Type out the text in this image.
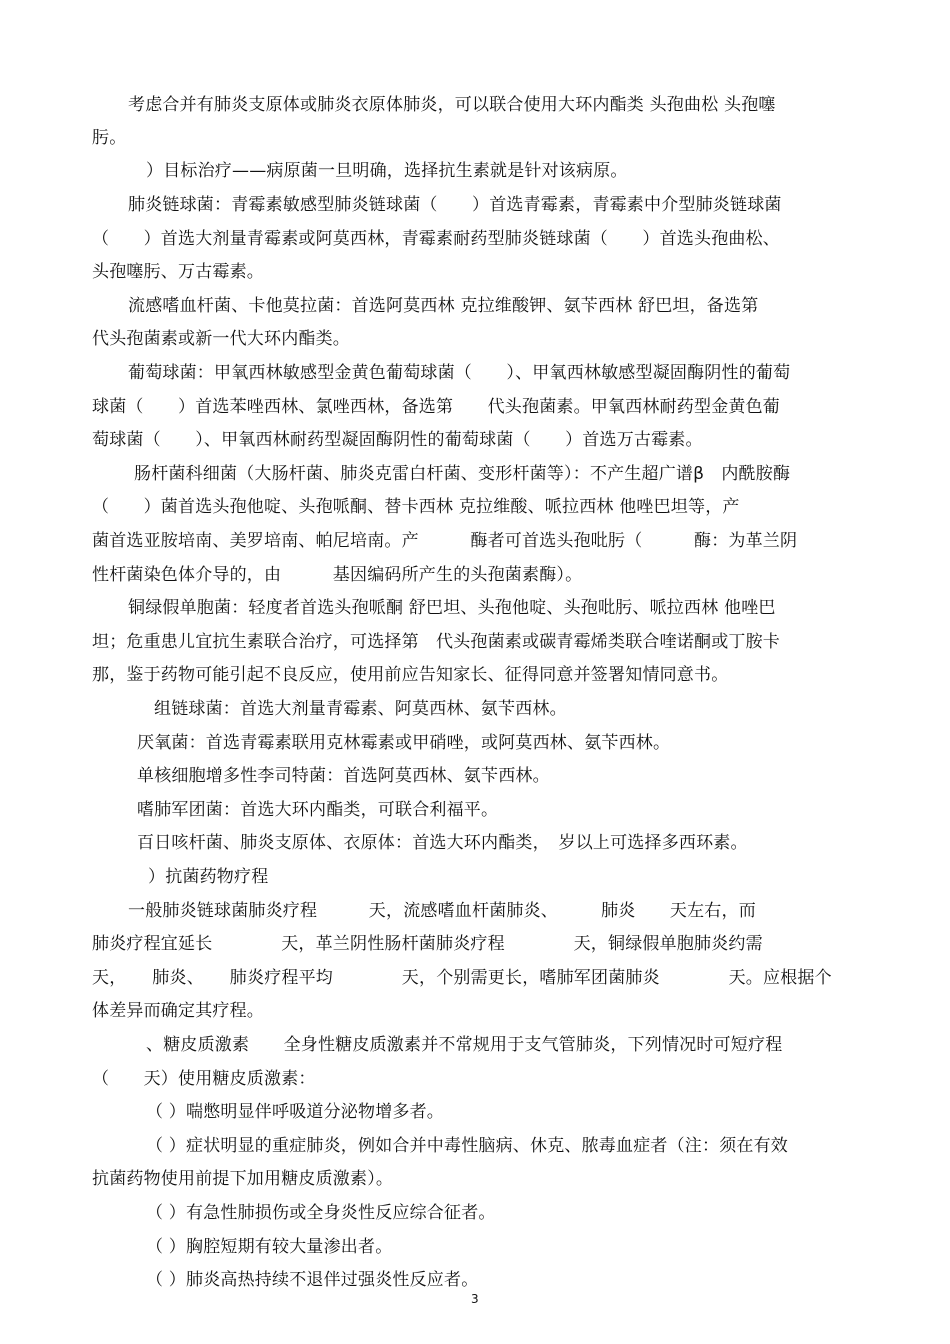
考虑合并有肺炎支原体或肺炎衣原体肺炎，可以联合使用大环内酯类 头孢曲松 头孢噻
肟。
）目标治疗——病原菌一旦明确，选择抗生素就是针对该病原。
肺炎链球菌：青霉素敏感型肺炎链球菌（　　）首选青霉素，青霉素中介型肺炎链球菌
（　　）首选大剂量青霉素或阿莫西林，青霉素耐药型肺炎链球菌（　　）首选头孢曲松、
头孢噻肟、万古霉素。
流感嗜血杆菌、卡他莫拉菌：首选阿莫西林 克拉维酸钾、氨苄西林 舒巴坦，备选第
代头孢菌素或新一代大环内酯类。
葡萄球菌：甲氧西林敏感型金黄色葡萄球菌（　　）、甲氧西林敏感型凝固酶阴性的葡萄
球菌（　　）首选苯唑西林、氯唑西林，备选第　　代头孢菌素。甲氧西林耐药型金黄色葡
萄球菌（　　）、甲氧西林耐药型凝固酶阴性的葡萄球菌（　　）首选万古霉素。
肠杆菌科细菌（大肠杆菌、肺炎克雷白杆菌、变形杆菌等）：不产生超广谱β　内酰胺酶
（　　）菌首选头孢他啶、头孢哌酮、替卡西林 克拉维酸、哌拉西林 他唑巴坦等，产
菌首选亚胺培南、美罗培南、帕尼培南。产　　　酶者可首选头孢吡肟（　　　酶：为革兰阴
性杆菌染色体介导的，由　　　基因编码所产生的头孢菌素酶）。
铜绿假单胞菌：轻度者首选头孢哌酮 舒巴坦、头孢他啶、头孢吡肟、哌拉西林 他唑巴
坦；危重患儿宜抗生素联合治疗，可选择第　代头孢菌素或碳青霉烯类联合喹诺酮或丁胺卡
那，鉴于药物可能引起不良反应，使用前应告知家长、征得同意并签署知情同意书。
组链球菌：首选大剂量青霉素、阿莫西林、氨苄西林。
厌氧菌：首选青霉素联用克林霉素或甲硝唑，或阿莫西林、氨苄西林。
单核细胞增多性李司特菌：首选阿莫西林、氨苄西林。
嗜肺军团菌：首选大环内酯类，可联合利福平。
百日咳杆菌、肺炎支原体、衣原体：首选大环内酯类，　岁以上可选择多西环素。
）抗菌药物疗程
一般肺炎链球菌肺炎疗程　　　天，流感嗜血杆菌肺炎、　　　肺炎　　天左右，而
肺炎疗程宜延长　　　　天，革兰阴性肠杆菌肺炎疗程　　　　天，铜绿假单胞肺炎约需
天，　　肺炎、　　肺炎疗程平均　　　　天，个别需更长，嗜肺军团菌肺炎　　　　天。应根据个
体差异而确定其疗程。
、糖皮质激素　　全身性糖皮质激素并不常规用于支气管肺炎，下列情况时可短疗程
（　　天）使用糖皮质激素：
（ ）喘憋明显伴呼吸道分泌物增多者。
（ ）症状明显的重症肺炎，例如合并中毒性脑病、休克、脓毒血症者（注：须在有效
抗菌药物使用前提下加用糖皮质激素）。
（ ）有急性肺损伤或全身炎性反应综合征者。
（ ）胸腔短期有较大量渗出者。
（ ）肺炎高热持续不退伴过强炎性反应者。
3
